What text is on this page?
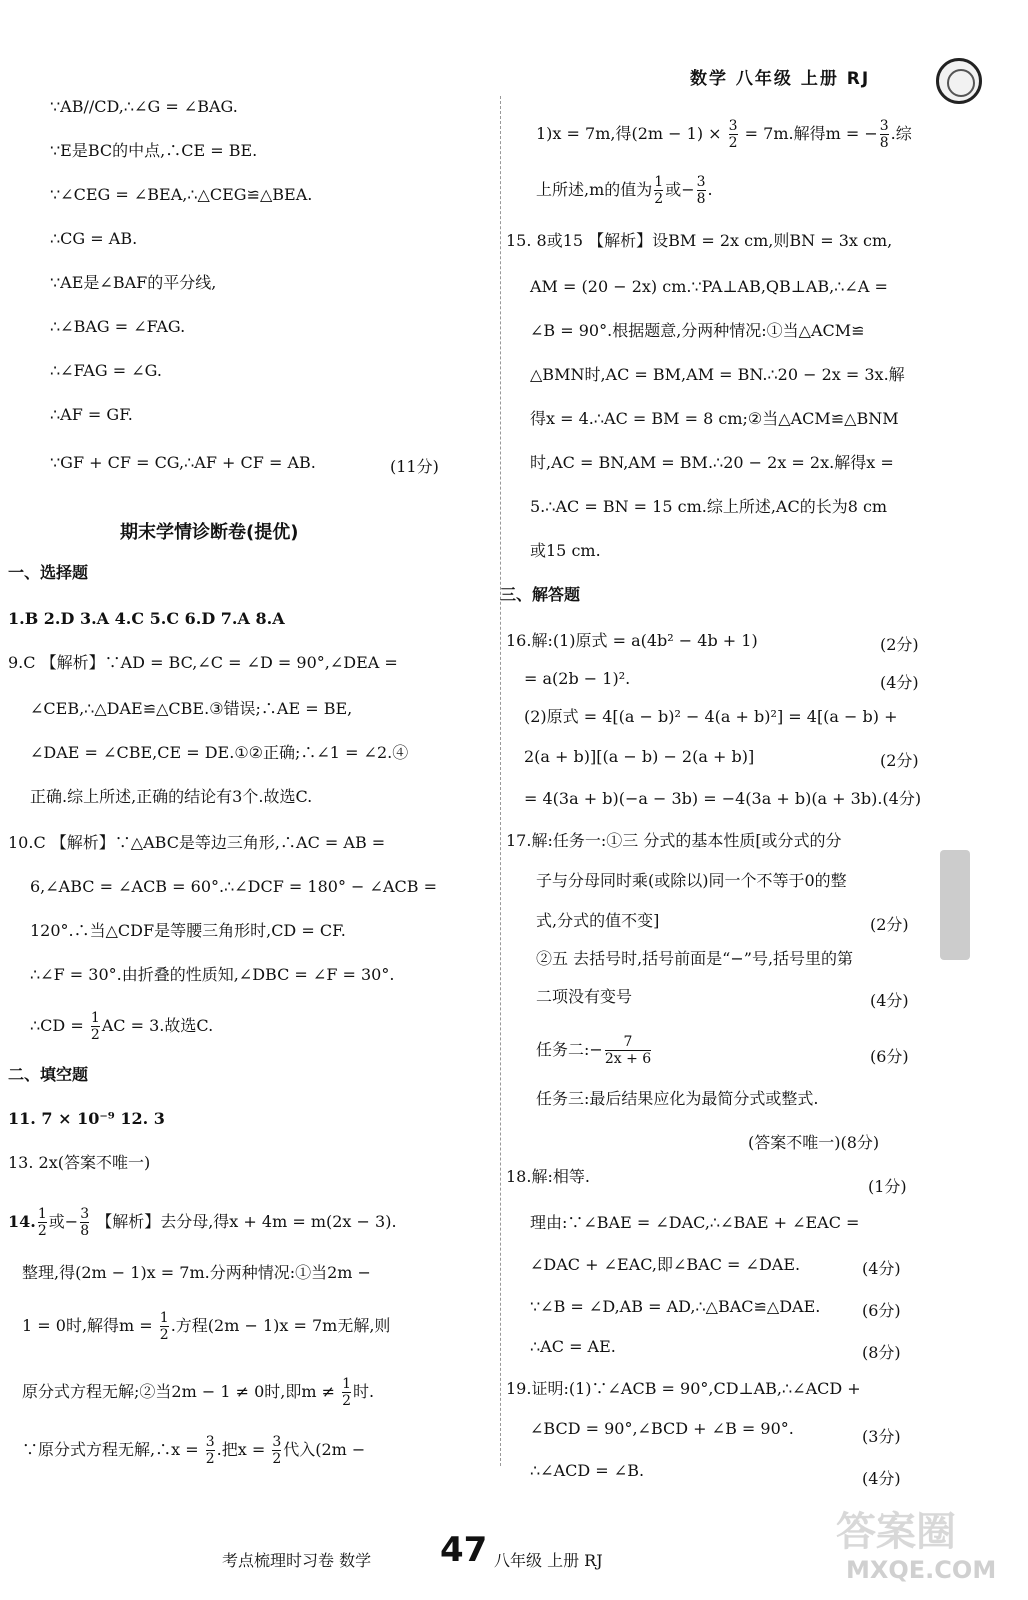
数学 八年级 上册 RJ
∵AB//CD,∴∠G = ∠BAG.
∵E是BC的中点,∴CE = BE.
∵∠CEG = ∠BEA,∴△CEG≌△BEA.
∴CG = AB.
∵AE是∠BAF的平分线,
∴∠BAG = ∠FAG.
∴∠FAG = ∠G.
∴AF = GF.
∵GF + CF = CG,∴AF + CF = AB.	(11分)
期末学情诊断卷(提优)
一、选择题
1.B 2.D 3.A 4.C 5.C 6.D 7.A 8.A
9.C 【解析】∵AD = BC,∠C = ∠D = 90°,∠DEA =
∠CEB,∴△DAE≌△CBE.③错误;∴AE = BE,
∠DAE = ∠CBE,CE = DE.①②正确;∴∠1 = ∠2.④
正确.综上所述,正确的结论有3个.故选C.
10.C 【解析】∵△ABC是等边三角形,∴AC = AB =
6,∠ABC = ∠ACB = 60°.∴∠DCF = 180° − ∠ACB =
120°.∴当△CDF是等腰三角形时,CD = CF.
∴∠F = 30°.由折叠的性质知,∠DBC = ∠F = 30°.
∴CD = $\frac{1}{2}$ AC = 3.故选C.
二、填空题
11. 7 × 10⁻⁹ 12. 3
13. 2x(答案不唯一)
14. $\frac{1}{2}$ 或− $\frac{3}{8}$ 【解析】去分母,得x + 4m = m(2x − 3).
整理,得(2m − 1)x = 7m.分两种情况:①当2m −
1 = 0时,解得$m = \frac{1}{2}$ .方程(2m − 1)x = 7m无解,则
原分式方程无解;②当2m − 1 ≠ 0时,即$m \ne \frac{1}{2}$ 时.
∵原分式方程无解,∴x = $\frac{3}{2}$ .把$x = \frac{3}{2}$ 代入(2m −
1)x = 7m,得$(2m - 1) \times \frac{3}{2} = 7m$.解得m = − $\frac{3}{8}$ .综
上所述,m的值为 $\frac{1}{2}$ 或− $\frac{3}{8}$ .
15. 8或15 【解析】设BM = 2x cm,则BN = 3x cm,
AM = (20 − 2x) cm.∵PA⊥AB,QB⊥AB,∴∠A =
∠B = 90°.根据题意,分两种情况:①当△ACM≌
△BMN时,AC = BM,AM = BN.∴20 − 2x = 3x.解
得x = 4.∴AC = BM = 8 cm;②当△ACM≌△BNM
时,AC = BN,AM = BM.∴20 − 2x = 2x.解得x =
5.∴AC = BN = 15 cm.综上所述,AC的长为8 cm
或15 cm.
三、解答题
16.解:(1)原式 = a(4b² − 4b + 1)	(2分)
= a(2b − 1)².	(4分)
(2)原式 = 4[(a − b)² − 4(a + b)²] = 4[(a − b) +
2(a + b)][(a − b) − 2(a + b)]	(2分)
= 4(3a + b)(−a − 3b) = −4(3a + b)(a + 3b).(4分)
17.解:任务一:①三 分式的基本性质[或分式的分
子与分母同时乘(或除以)同一个不等于0的整
式,分式的值不变]	(2分)
②五 去括号时,括号前面是“−”号,括号里的第
二项没有变号	(4分)
任务二:− $\frac{7}{2x + 6}$	(6分)
任务三:最后结果应化为最简分式或整式.
(答案不唯一)(8分)
18.解:相等.
(1分)
理由:∵∠BAE = ∠DAC,∴∠BAE + ∠EAC =
∠DAC + ∠EAC,即∠BAC = ∠DAE.	(4分)
∵∠B = ∠D,AB = AD,∴△BAC≌△DAE.	(6分)
∴AC = AE.	(8分)
19.证明:(1)∵∠ACB = 90°,CD⊥AB,∴∠ACD +
∠BCD = 90°,∠BCD + ∠B = 90°.	(3分)
∴∠ACD = ∠B.	(4分)
考点梳理时习卷 数学 47 八年级 上册 RJ
答案圈
MXQE.COM
